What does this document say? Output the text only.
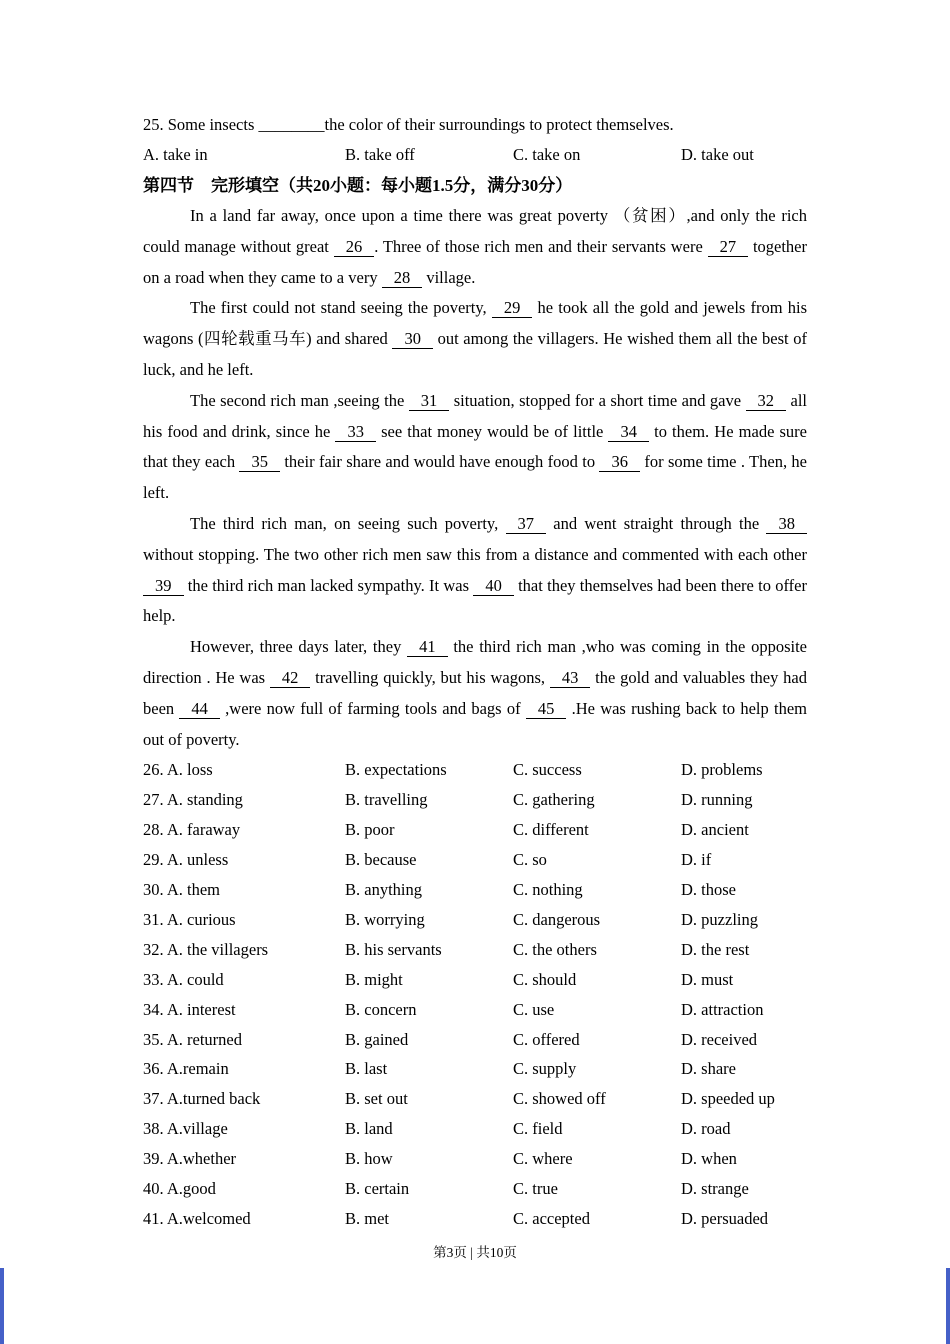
25. Some insects ________the color of their surroundings to protect themselves.
A. take in	B. take off	C. take on	D. take out
第四节　完形填空（共20小题：每小题1.5分，满分30分）

In a land far away, once upon a time there was great poverty （贫困）,and only the rich could manage without great 26 . Three of those rich men and their servants were 27 together on a road when they came to a very 28 village.

The first could not stand seeing the poverty, 29 he took all the gold and jewels from his wagons (四轮载重马车) and shared 30 out among the villagers. He wished them all the best of luck, and he left.

The second rich man ,seeing the 31 situation, stopped for a short time and gave 32 all his food and drink, since he 33 see that money would be of little 34 to them. He made sure that they each 35 their fair share and would have enough food to 36 for some time . Then, he left.

The third rich man, on seeing such poverty, 37 and went straight through the 38 without stopping. The two other rich men saw this from a distance and commented with each other 39 the third rich man lacked sympathy. It was 40 that they themselves had been there to offer help.

However, three days later, they 41 the third rich man ,who was coming in the opposite direction . He was 42 travelling quickly, but his wagons, 43 the gold and valuables they had been 44 ,were now full of farming tools and bags of 45 .He was rushing back to help them out of poverty.

26. A. loss	B. expectations	C. success	D. problems
27. A. standing	B. travelling	C. gathering	D. running
28. A. faraway	B. poor	C. different	D. ancient
29. A. unless	B. because	C. so	D. if
30. A. them	B. anything	C. nothing	D. those
31. A. curious	B. worrying	C. dangerous	D. puzzling
32. A. the villagers	B. his servants	C. the others	D. the rest
33. A. could	B. might	C. should	D. must
34. A. interest	B. concern	C. use	D. attraction
35. A. returned	B. gained	C. offered	D. received
36. A.remain	B. last	C. supply	D. share
37. A.turned back	B. set out	C. showed off	D. speeded up
38. A.village	B. land	C. field	D. road
39. A.whether	B. how	C. where	D. when
40. A.good	B. certain	C. true	D. strange
41. A.welcomed	B. met	C. accepted	D. persuaded
第3页 | 共10页
